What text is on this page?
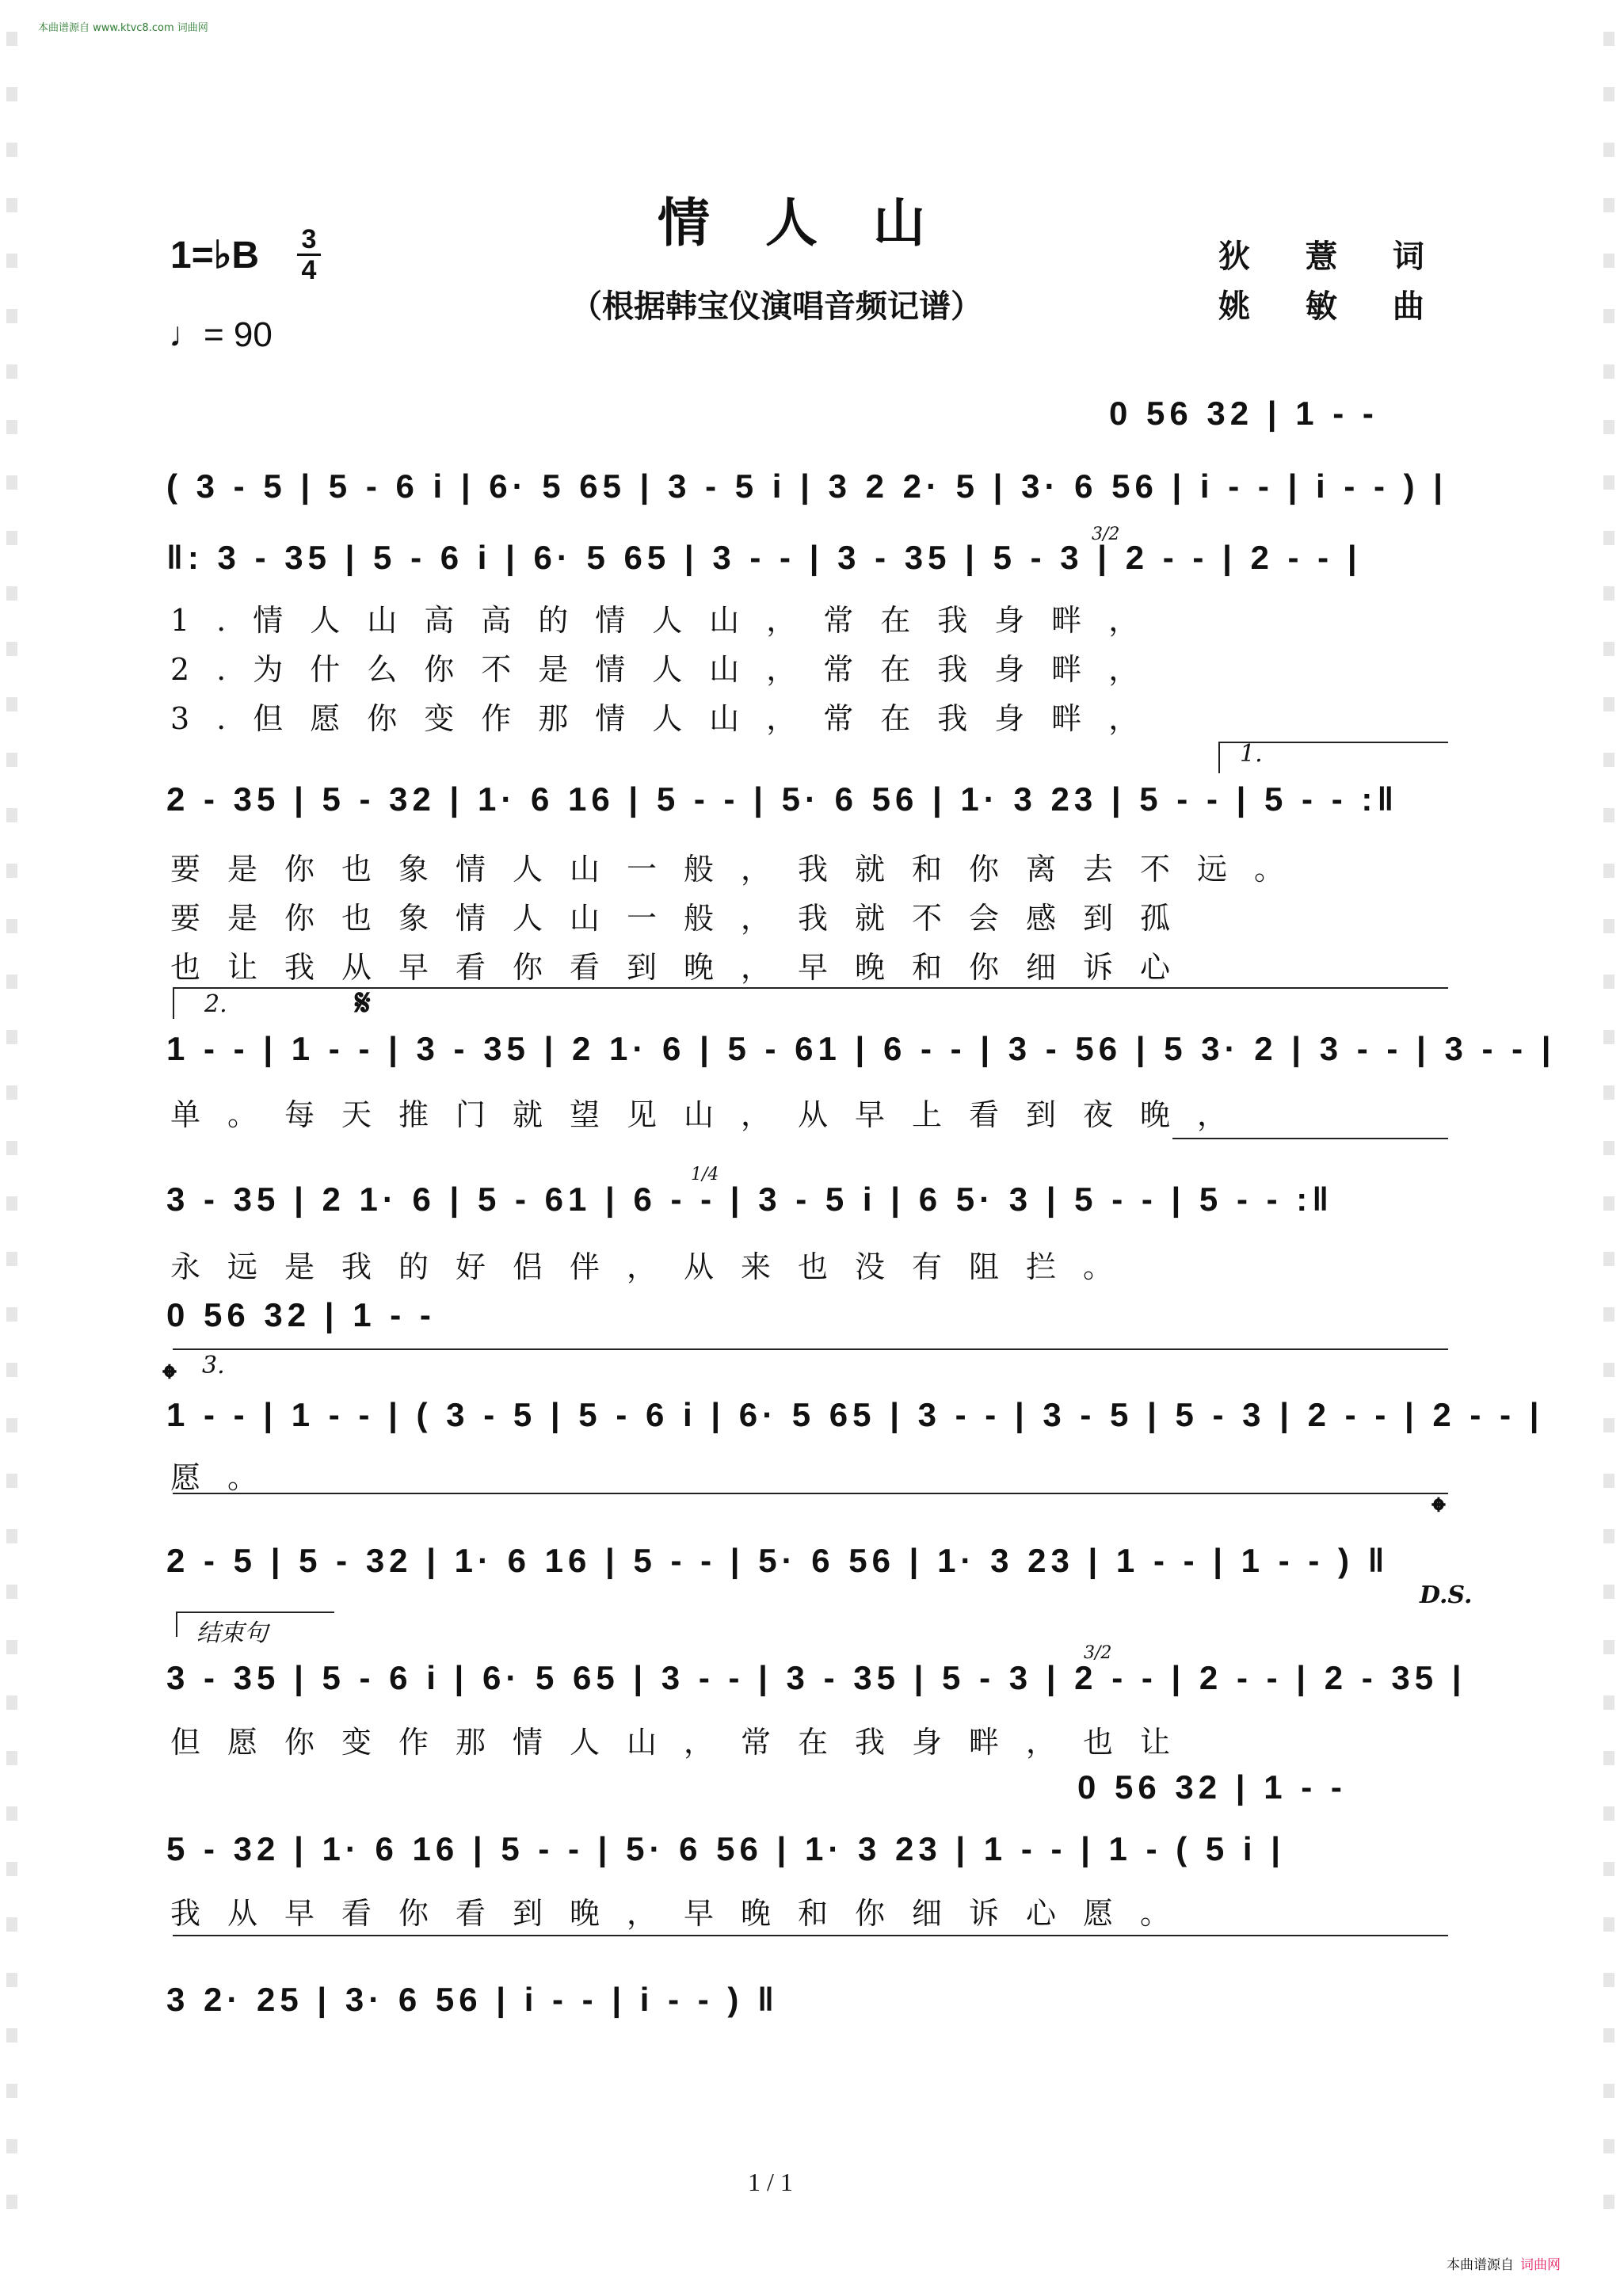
本曲谱源自 www.ktvc8.com 词曲网
情人山
（根据韩宝仪演唱音频记谱）
狄 薏 词
姚 敏 曲
1=♭B 3
4
♩= 90
0 56 32 | 1 - -
( 3 - 5 | 5 - 6 i | 6· 5 65 | 3 - 5 i | 3 2 2· 5 | 3· 6 56 | i - - | i - - ) |
‖: 3 - 35 | 5 - 6 i | 6· 5 65 | 3 - - | 3 - 35 | 5 - 3 | 2 - - | 2 - - |
1.情人山高高的情人山，常在我身畔，
2.为什么你不是情人山，常在我身畔，
3.但愿你变作那情人山，常在我身畔，
3/2
1.
2 - 35 | 5 - 32 | 1· 6 16 | 5 - - | 5· 6 56 | 1· 3 23 | 5 - - | 5 - - :‖
要是你也象情人山一般，我就和你离去不远。
要是你也象情人山一般，我就不会感到孤
也让我从早看你看到晚，早晚和你细诉心
2.	𝄋
1 - - | 1 - - | 3 - 35 | 2 1· 6 | 5 - 61 | 6 - - | 3 - 56 | 5 3· 2 | 3 - - | 3 - - |
单。每天推门就望见山，从早上看到夜晚，
1/4
3 - 35 | 2 1· 6 | 5 - 61 | 6 - - | 3 - 5 i | 6 5· 3 | 5 - - | 5 - - :‖
永远是我的好侣伴，从来也没有阻拦。
0 56 32 | 1 - -
𝄌 3.
1 - - | 1 - - | ( 3 - 5 | 5 - 6 i | 6· 5 65 | 3 - - | 3 - 5 | 5 - 3 | 2 - - | 2 - - |
愿。
𝄌
2 - 5 | 5 - 32 | 1· 6 16 | 5 - - | 5· 6 56 | 1· 3 23 | 1 - - | 1 - - ) ‖
D.S.
结束句
3/2
3 - 35 | 5 - 6 i | 6· 5 65 | 3 - - | 3 - 35 | 5 - 3 | 2 - - | 2 - - | 2 - 35 |
但愿你变作那情人山，常在我身畔，也让
0 56 32 | 1 - -
5 - 32 | 1· 6 16 | 5 - - | 5· 6 56 | 1· 3 23 | 1 - - | 1 - ( 5 i |
我从早看你看到晚，早晚和你细诉心愿。
3 2· 25 | 3· 6 56 | i - - | i - - ) ‖
1 / 1
本曲谱源自 词曲网
